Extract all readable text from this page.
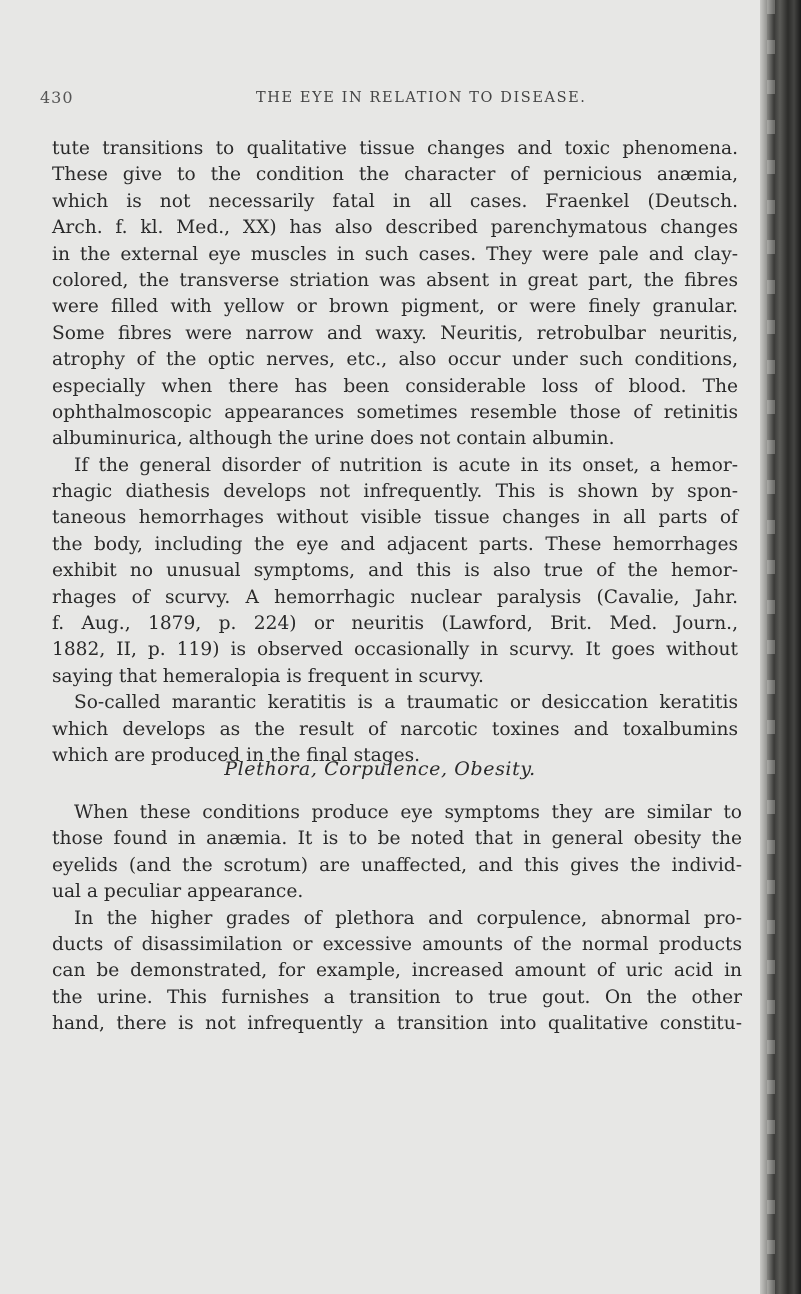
430	THE EYE IN RELATION TO DISEASE.
tute transitions to qualitative tissue changes and toxic phenomena.
These give to the condition the character of pernicious anæmia,
which is not necessarily fatal in all cases. Fraenkel (Deutsch.
Arch. f. kl. Med., XX) has also described parenchymatous changes
in the external eye muscles in such cases. They were pale and clay-
colored, the transverse striation was absent in great part, the fibres
were filled with yellow or brown pigment, or were finely granular.
Some fibres were narrow and waxy. Neuritis, retrobulbar neuritis,
atrophy of the optic nerves, etc., also occur under such conditions,
especially when there has been considerable loss of blood. The
ophthalmoscopic appearances sometimes resemble those of retinitis
albuminurica, although the urine does not contain albumin.
If the general disorder of nutrition is acute in its onset, a hemor-
rhagic diathesis develops not infrequently. This is shown by spon-
taneous hemorrhages without visible tissue changes in all parts of
the body, including the eye and adjacent parts. These hemorrhages
exhibit no unusual symptoms, and this is also true of the hemor-
rhages of scurvy. A hemorrhagic nuclear paralysis (Cavalie, Jahr.
f. Aug., 1879, p. 224) or neuritis (Lawford, Brit. Med. Journ.,
1882, II, p. 119) is observed occasionally in scurvy. It goes without
saying that hemeralopia is frequent in scurvy.
So-called marantic keratitis is a traumatic or desiccation keratitis
which develops as the result of narcotic toxines and toxalbumins
which are produced in the final stages.
Plethora, Corpulence, Obesity.
When these conditions produce eye symptoms they are similar to
those found in anæmia. It is to be noted that in general obesity the
eyelids (and the scrotum) are unaffected, and this gives the individ-
ual a peculiar appearance.
In the higher grades of plethora and corpulence, abnormal pro-
ducts of disassimilation or excessive amounts of the normal products
can be demonstrated, for example, increased amount of uric acid in
the urine. This furnishes a transition to true gout. On the other
hand, there is not infrequently a transition into qualitative constitu-
